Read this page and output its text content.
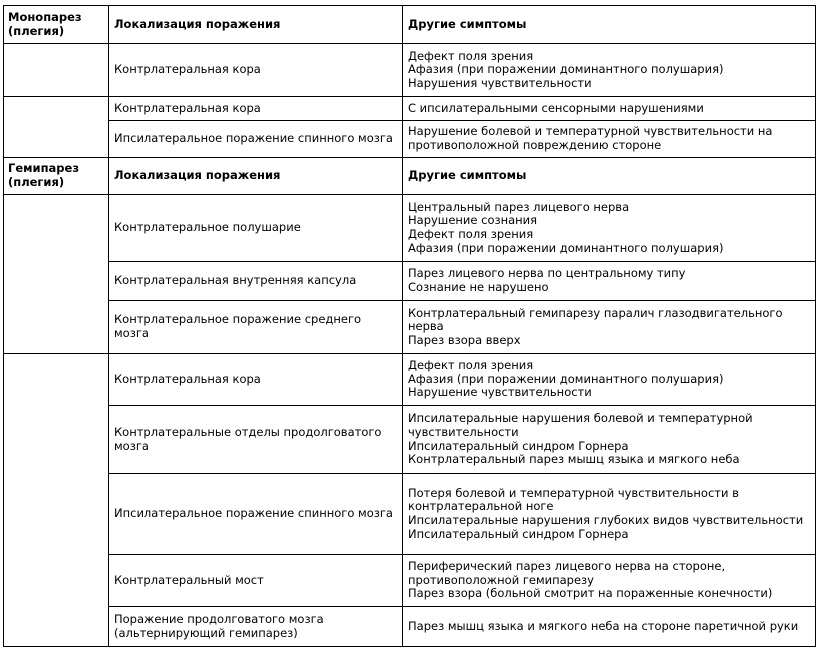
Монопарез (плегия)	Локализация поражения	Другие симптомы
	Контрлатеральная кора	Дефект поля зрения
Афазия (при поражении доминантного полушария)
Нарушения чувствительности

	Контрлатеральная кора	С ипсилатеральными сенсорными нарушениями

	Ипсилатеральное поражение спинного мозга	Нарушение болевой и температурной чувствительности на противоположной повреждению стороне

Гемипарез (плегия)	Локализация поражения	Другие симптомы
	Контрлатеральное полушарие	Центральный парез лицевого нерва
Нарушение сознания
Дефект поля зрения
Афазия (при поражении доминантного полушария)

	Контрлатеральная внутренняя капсула	Парез лицевого нерва по центральному типу
Сознание не нарушено

	Контрлатеральное поражение среднего мозга	Контрлатеральный гемипарезу паралич глазодвигательного нерва
Парез взора вверх

	Контрлатеральная кора	Дефект поля зрения
Афазия (при поражении доминантного полушария)
Нарушение чувствительности

	Контрлатеральные отделы продолговатого мозга	Ипсилатеральные нарушения болевой и температурной чувствительности
Ипсилатеральный синдром Горнера
Контрлатеральный парез мышц языка и мягкого неба

	Ипсилатеральное поражение спинного мозга	Потеря болевой и температурной чувствительности в контрлатеральной ноге
Ипсилатеральные нарушения глубоких видов чувствительности
Ипсилатеральный синдром Горнера

	Контрлатеральный мост	Периферический парез лицевого нерва на стороне, противоположной гемипарезу
Парез взора (больной смотрит на пораженные конечности)

	Поражение продолговатого мозга (альтернирующий гемипарез)	Парез мышц языка и мягкого неба на стороне паретичной руки
